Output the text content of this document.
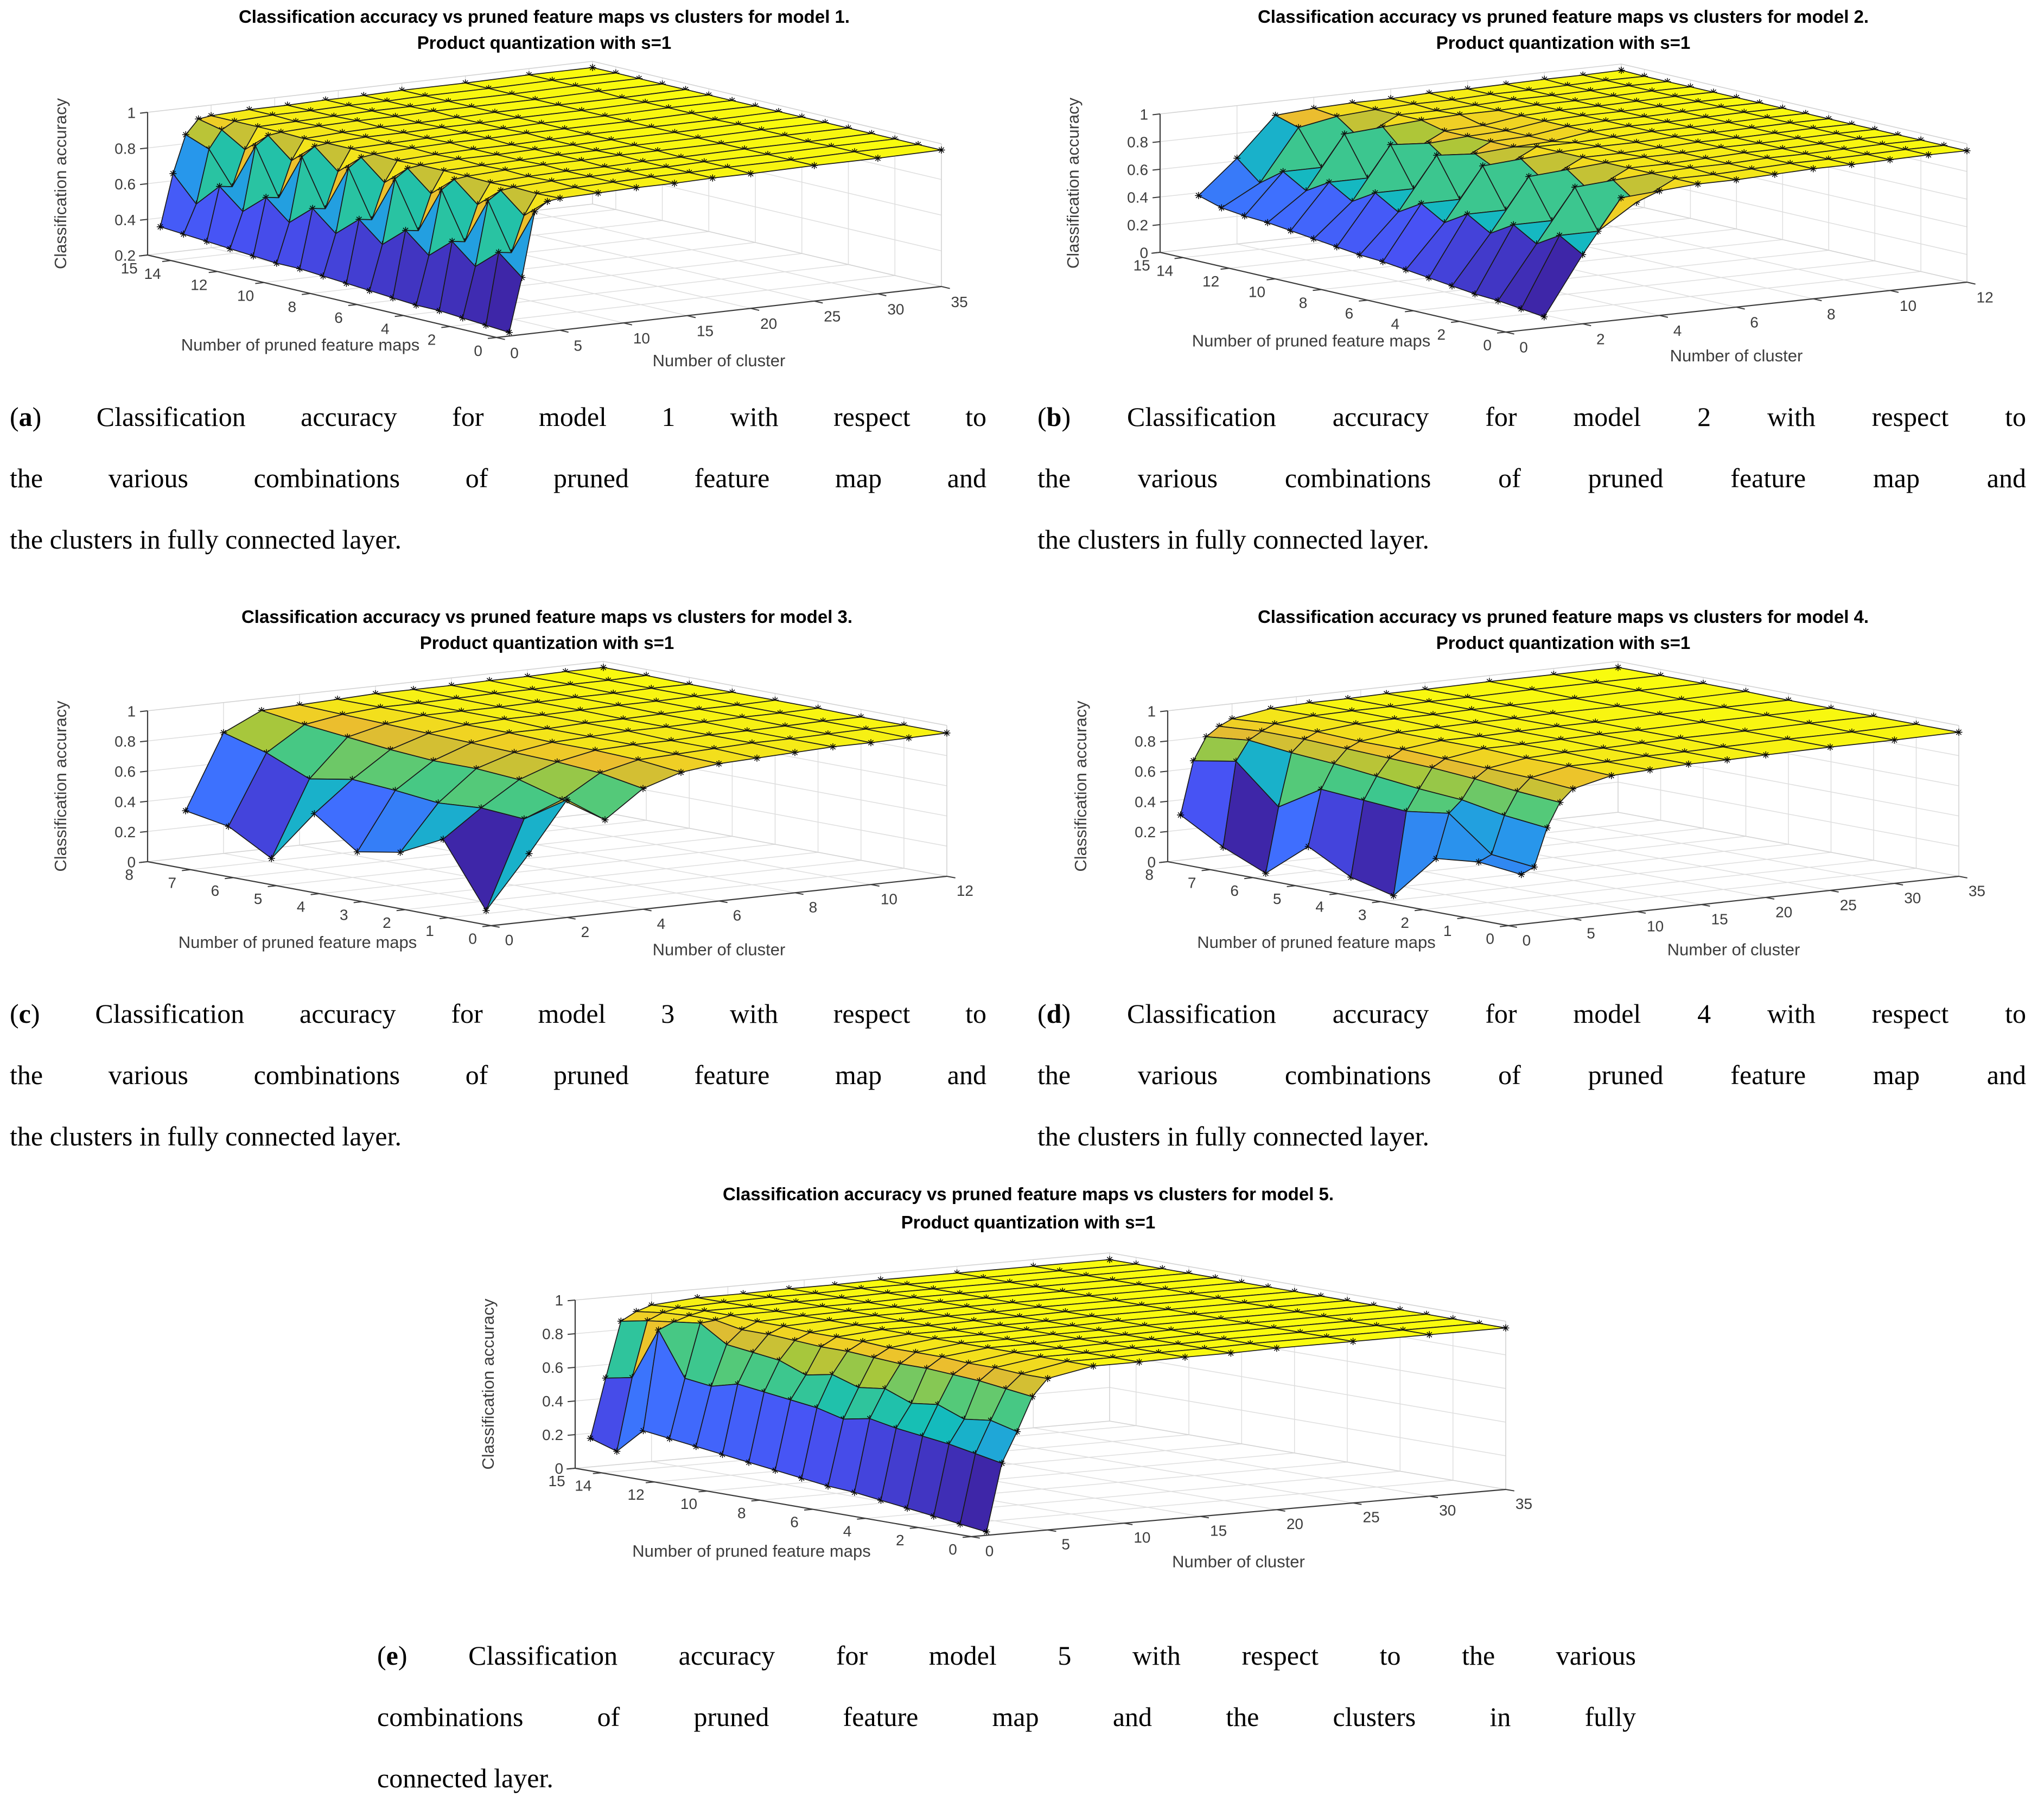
15 14
12
10
8
6
4
2
0 0	5	10	15	20	25	30	35
0.2
0.4
0.6
0.8
1
Number of pruned feature maps
Number of cluster
Classification accuracy
Classification accuracy vs pruned feature maps vs clusters for model 1.
Product quantization with s=1
15 14
12
10
8
6
4
2
0 0	2	4	6	8	10	12
0
0.2
0.4
0.6
0.8
1
Number of pruned feature maps
Number of cluster
Classification accuracy
Classification accuracy vs pruned feature maps vs clusters for model 2.
Product quantization with s=1
8 7 6 5 4 3 2 1 0 0	2	4	6	8	10	12
0
0.2
0.4
0.6
0.8
1
Number of pruned feature maps	Number of cluster
Classification accuracy
Classification accuracy vs pruned feature maps vs clusters for model 3.
Product quantization with s=1
8 7 6 5 4 3 2 1 0 0	5	10	15	20	25	30	35
0
0.2
0.4
0.6
0.8
1
Number of pruned feature maps	Number of cluster
Classification accuracy
Classification accuracy vs pruned feature maps vs clusters for model 4.
Product quantization with s=1
15 14
12
10
8
6
4
2
0 0	5	10	15	20	25	30	35
0
0.2
0.4
0.6
0.8
1
Number of pruned feature maps
Number of cluster
Classification accuracy
Classification accuracy vs pruned feature maps vs clusters for model 5.
Product quantization with s=1
(a) Classification accuracy for model 1 with respect to
the various combinations of pruned feature map and
the clusters in fully connected layer.
(b) Classification accuracy for model 2 with respect to
the various combinations of pruned feature map and
the clusters in fully connected layer.
(c) Classification accuracy for model 3 with respect to
the various combinations of pruned feature map and
the clusters in fully connected layer.
(d) Classification accuracy for model 4 with respect to
the various combinations of pruned feature map and
the clusters in fully connected layer.
(e) Classification accuracy for model 5 with respect to the various
combinations of pruned feature map and the clusters in fully
connected layer.
